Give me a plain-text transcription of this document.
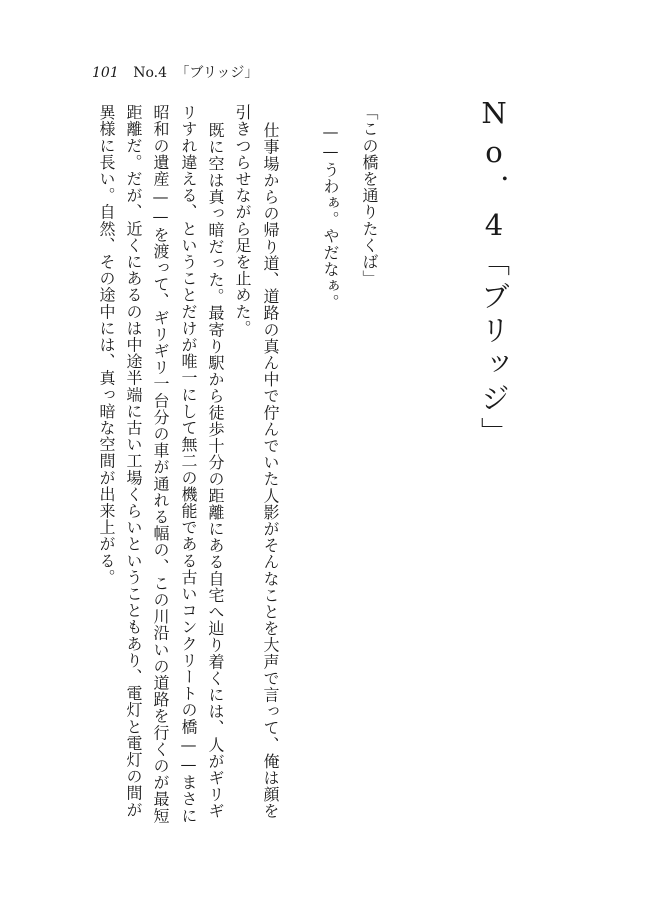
101 No.4 「ブリッジ」
No．4「ブリッジ」

「この橋を通りたくば」

——うわぁ。やだなぁ。

仕事場からの帰り道、道路の真ん中で佇んでいた人影がそんなことを大声で言って、俺は顔を

引きつらせながら足を止めた。

既に空は真っ暗だった。最寄り駅から徒歩十分の距離にある自宅へ辿り着くには、人がギリギ

リすれ違える、ということだけが唯一にして無二の機能である古いコンクリートの橋——まさに

昭和の遺産——を渡って、ギリギリ一台分の車が通れる幅の、この川沿いの道路を行くのが最短

距離だ。だが、近くにあるのは中途半端に古い工場くらいということもあり、電灯と電灯の間が

異様に長い。自然、その途中には、真っ暗な空間が出来上がる。
